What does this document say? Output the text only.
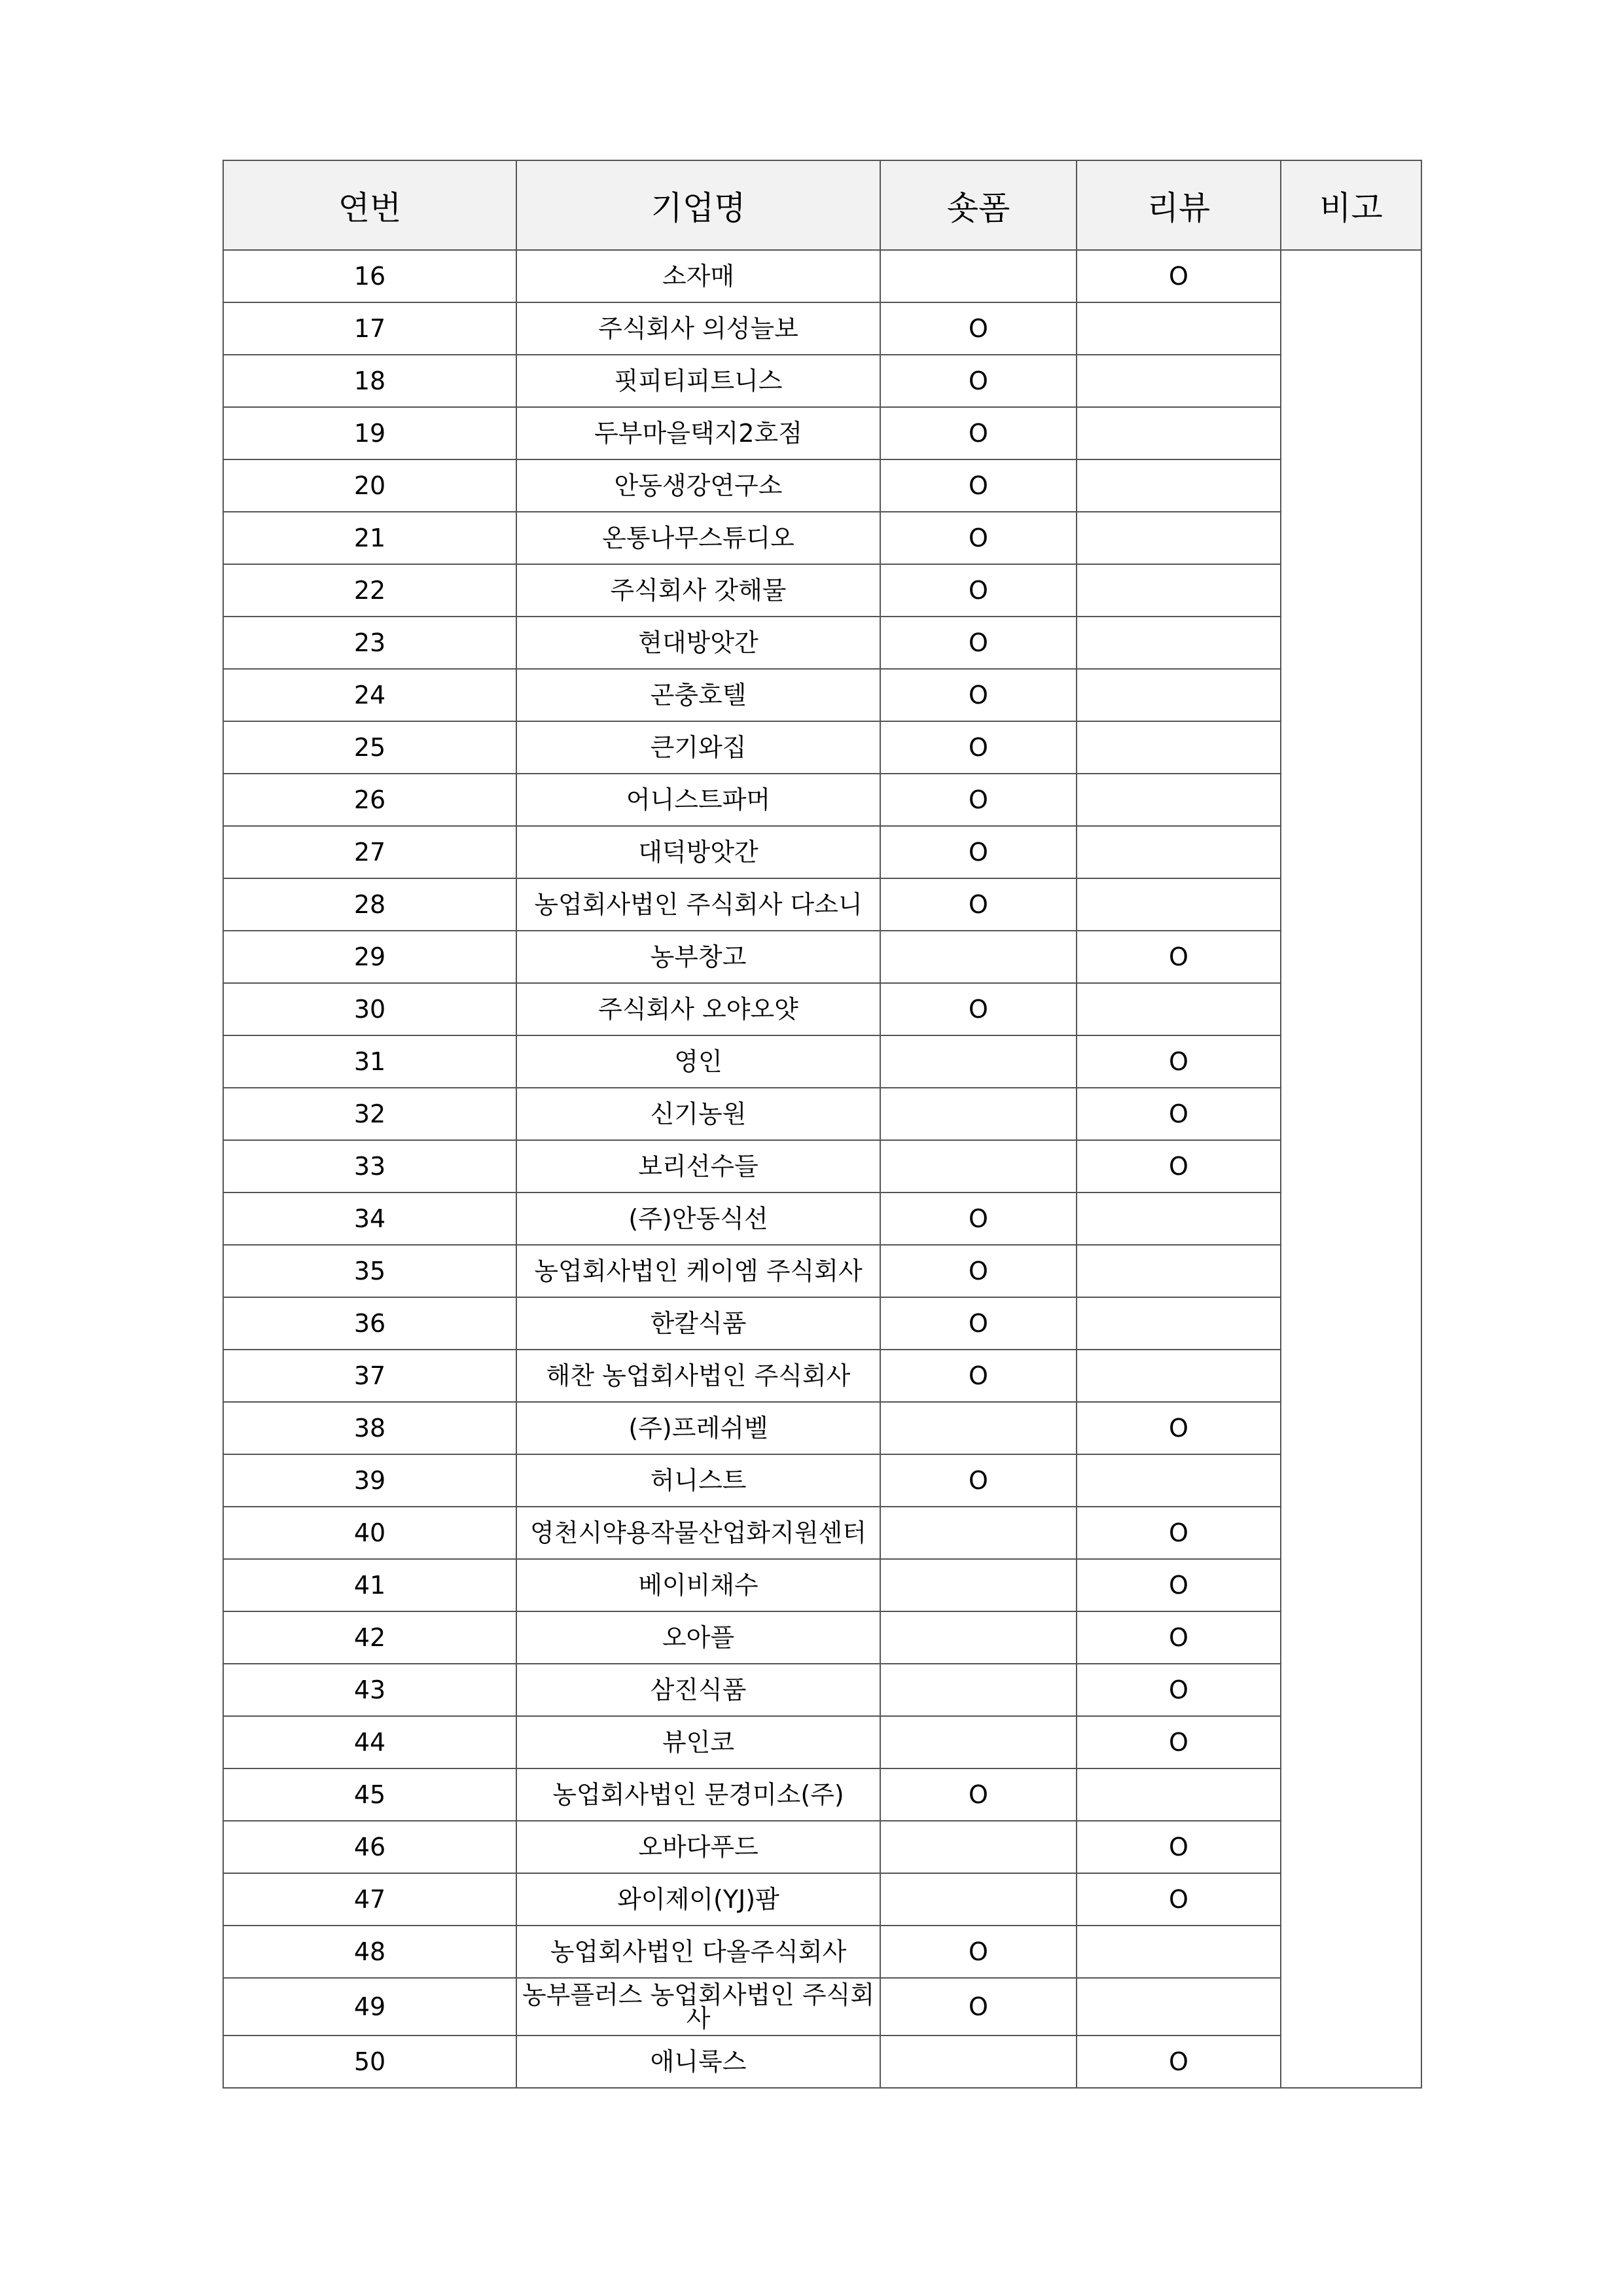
연번	기업명	숏폼	리뷰	비고
16	소자매		O	
17	주식회사 의성늘보	O		
18	핏피티피트니스	O		
19	두부마을택지2호점	O		
20	안동생강연구소	O		
21	온통나무스튜디오	O		
22	주식회사 갓해물	O		
23	현대방앗간	O		
24	곤충호텔	O		
25	큰기와집	O		
26	어니스트파머	O		
27	대덕방앗간	O		
28	농업회사법인 주식회사 다소니	O		
29	농부창고		O	
30	주식회사 오야오얏	O		
31	영인		O	
32	신기농원		O	
33	보리선수들		O	
34	(주)안동식선	O		
35	농업회사법인 케이엠 주식회사	O		
36	한칼식품	O		
37	해찬 농업회사법인 주식회사	O		
38	(주)프레쉬벨		O	
39	허니스트	O		
40	영천시약용작물산업화지원센터		O	
41	베이비채수		O	
42	오아플		O	
43	삼진식품		O	
44	뷰인코		O	
45	농업회사법인 문경미소(주)	O		
46	오바다푸드		O	
47	와이제이(YJ)팜		O	
48	농업회사법인 다올주식회사	O		
49	농부플러스 농업회사법인 주식회사	O		
50	애니룩스		O	
